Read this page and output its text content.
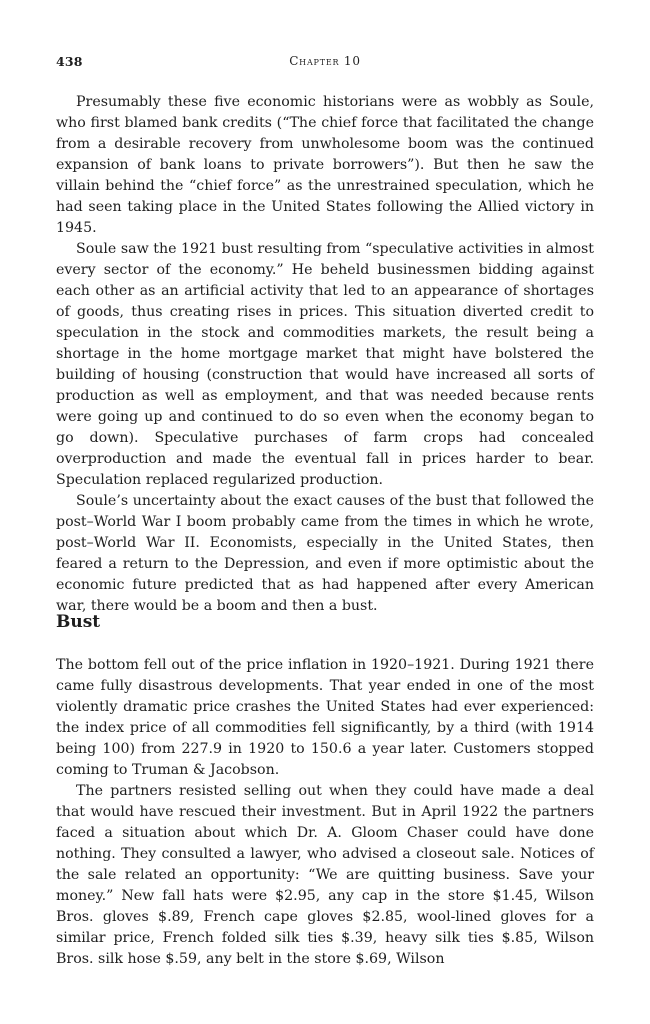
438	Chapter 10

Presumably these five economic historians were as wobbly as Soule, who first blamed bank credits (“The chief force that facilitated the change from a desirable recovery from unwholesome boom was the continued expansion of bank loans to private borrowers”). But then he saw the villain behind the “chief force” as the unrestrained speculation, which he had seen taking place in the United States following the Allied victory in 1945.

Soule saw the 1921 bust resulting from “speculative activities in almost every sector of the economy.” He beheld businessmen bidding against each other as an artificial activity that led to an appearance of shortages of goods, thus creating rises in prices. This situation diverted credit to speculation in the stock and commodities markets, the result being a shortage in the home mortgage market that might have bolstered the building of housing (construction that would have increased all sorts of production as well as employment, and that was needed because rents were going up and continued to do so even when the economy began to go down). Speculative purchases of farm crops had concealed overproduction and made the eventual fall in prices harder to bear. Speculation replaced regularized production.

Soule’s uncertainty about the exact causes of the bust that followed the post–World War I boom probably came from the times in which he wrote, post–World War II. Economists, especially in the United States, then feared a return to the Depression, and even if more optimistic about the economic future predicted that as had happened after every American war, there would be a boom and then a bust.

Bust

The bottom fell out of the price inflation in 1920–1921. During 1921 there came fully disastrous developments. That year ended in one of the most violently dramatic price crashes the United States had ever experienced: the index price of all commodities fell significantly, by a third (with 1914 being 100) from 227.9 in 1920 to 150.6 a year later. Customers stopped coming to Truman & Jacobson.

The partners resisted selling out when they could have made a deal that would have rescued their investment. But in April 1922 the partners faced a situation about which Dr. A. Gloom Chaser could have done nothing. They consulted a lawyer, who advised a closeout sale. Notices of the sale related an opportunity: “We are quitting business. Save your money.” New fall hats were $2.95, any cap in the store $1.45, Wilson Bros. gloves $.89, French cape gloves $2.85, wool-lined gloves for a similar price, French folded silk ties $.39, heavy silk ties $.85, Wilson Bros. silk hose $.59, any belt in the store $.69, Wilson
